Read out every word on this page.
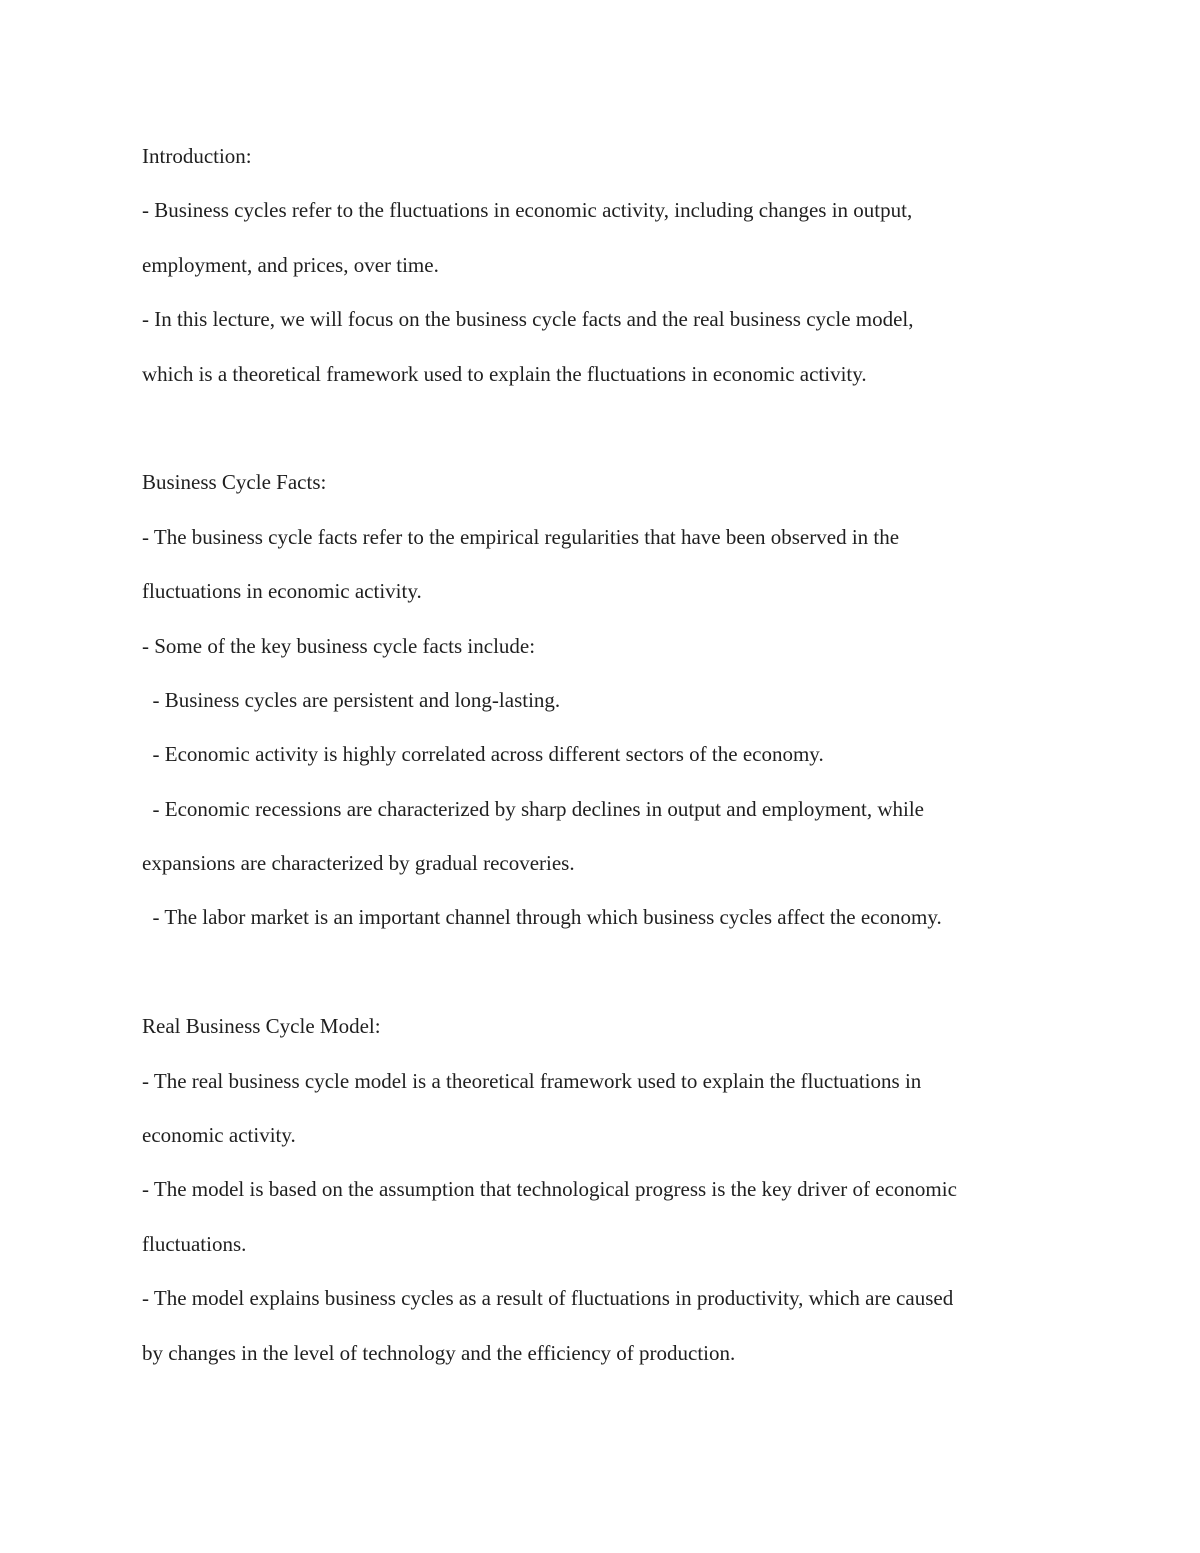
Introduction:
- Business cycles refer to the fluctuations in economic activity, including changes in output,
employment, and prices, over time.
- In this lecture, we will focus on the business cycle facts and the real business cycle model,
which is a theoretical framework used to explain the fluctuations in economic activity.
Business Cycle Facts:
- The business cycle facts refer to the empirical regularities that have been observed in the
fluctuations in economic activity.
- Some of the key business cycle facts include:
- Business cycles are persistent and long-lasting.
- Economic activity is highly correlated across different sectors of the economy.
- Economic recessions are characterized by sharp declines in output and employment, while
expansions are characterized by gradual recoveries.
- The labor market is an important channel through which business cycles affect the economy.
Real Business Cycle Model:
- The real business cycle model is a theoretical framework used to explain the fluctuations in
economic activity.
- The model is based on the assumption that technological progress is the key driver of economic
fluctuations.
- The model explains business cycles as a result of fluctuations in productivity, which are caused
by changes in the level of technology and the efficiency of production.
